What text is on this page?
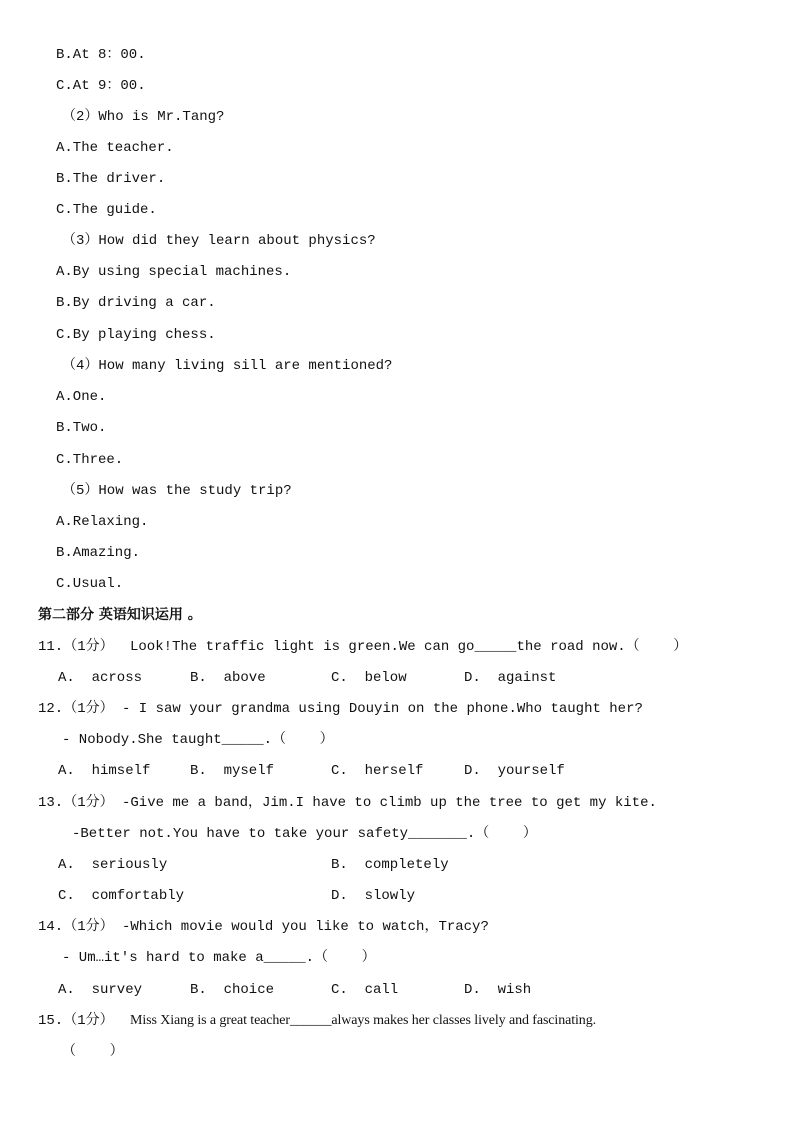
B.At 8：00.
C.At 9：00.
（2）Who is Mr.Tang?
A.The teacher.
B.The driver.
C.The guide.
（3）How did they learn about physics?
A.By using special machines.
B.By driving a car.
C.By playing chess.
（4）How many living sill are mentioned?
A.One.
B.Two.
C.Three.
（5）How was the study trip?
A.Relaxing.
B.Amazing.
C.Usual.
第二部分 英语知识运用 。
11.（1分） Look!The traffic light is green.We can go_____the road now.（    ）
A.  across	B.  above	C.  below	D.  against
12.（1分） - I saw your grandma using Douyin on the phone.Who taught her?
- Nobody.She taught_____.（    ）
A.  himself	B.  myself	C.  herself	D.  yourself
13.（1分） -Give me a band，Jim.I have to climb up the tree to get my kite.
-Better not.You have to take your safety_______.（    ）
A.  seriously	B.  completely
C.  comfortably	D.  slowly
14.（1分） -Which movie would you like to watch，Tracy?
- Um…it's hard to make a_____.（    ）
A.  survey	B.  choice	C.  call	D.  wish
15.（1分） Miss Xiang is a great teacher______always makes her classes lively and fascinating.
（    ）
